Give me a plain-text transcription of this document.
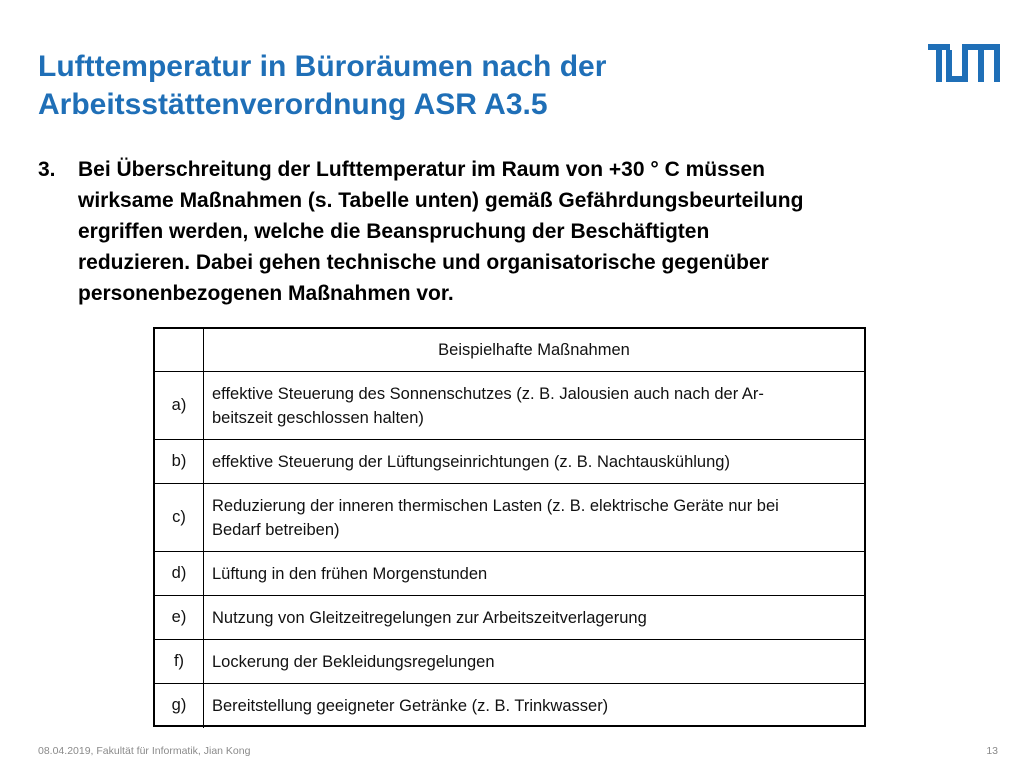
Lufttemperatur in Büroräumen nach der
Arbeitsstättenverordnung ASR A3.5
3. Bei Überschreitung der Lufttemperatur im Raum von +30 ° C müssen
wirksame Maßnahmen (s. Tabelle unten) gemäß Gefährdungsbeurteilung
ergriffen werden, welche die Beanspruchung der Beschäftigten
reduzieren. Dabei gehen technische und organisatorische gegenüber
personenbezogenen Maßnahmen vor.
	Beispielhafte Maßnahmen
a)	effektive Steuerung des Sonnenschutzes (z. B. Jalousien auch nach der Ar-
beitszeit geschlossen halten)

b)	effektive Steuerung der Lüftungseinrichtungen (z. B. Nachtauskühlung)
c)	Reduzierung der inneren thermischen Lasten (z. B. elektrische Geräte nur bei
Bedarf betreiben)

d)	Lüftung in den frühen Morgenstunden
e)	Nutzung von Gleitzeitregelungen zur Arbeitszeitverlagerung
f)	Lockerung der Bekleidungsregelungen
g)	Bereitstellung geeigneter Getränke (z. B. Trinkwasser)
08.04.2019, Fakultät für Informatik, Jian Kong	13
